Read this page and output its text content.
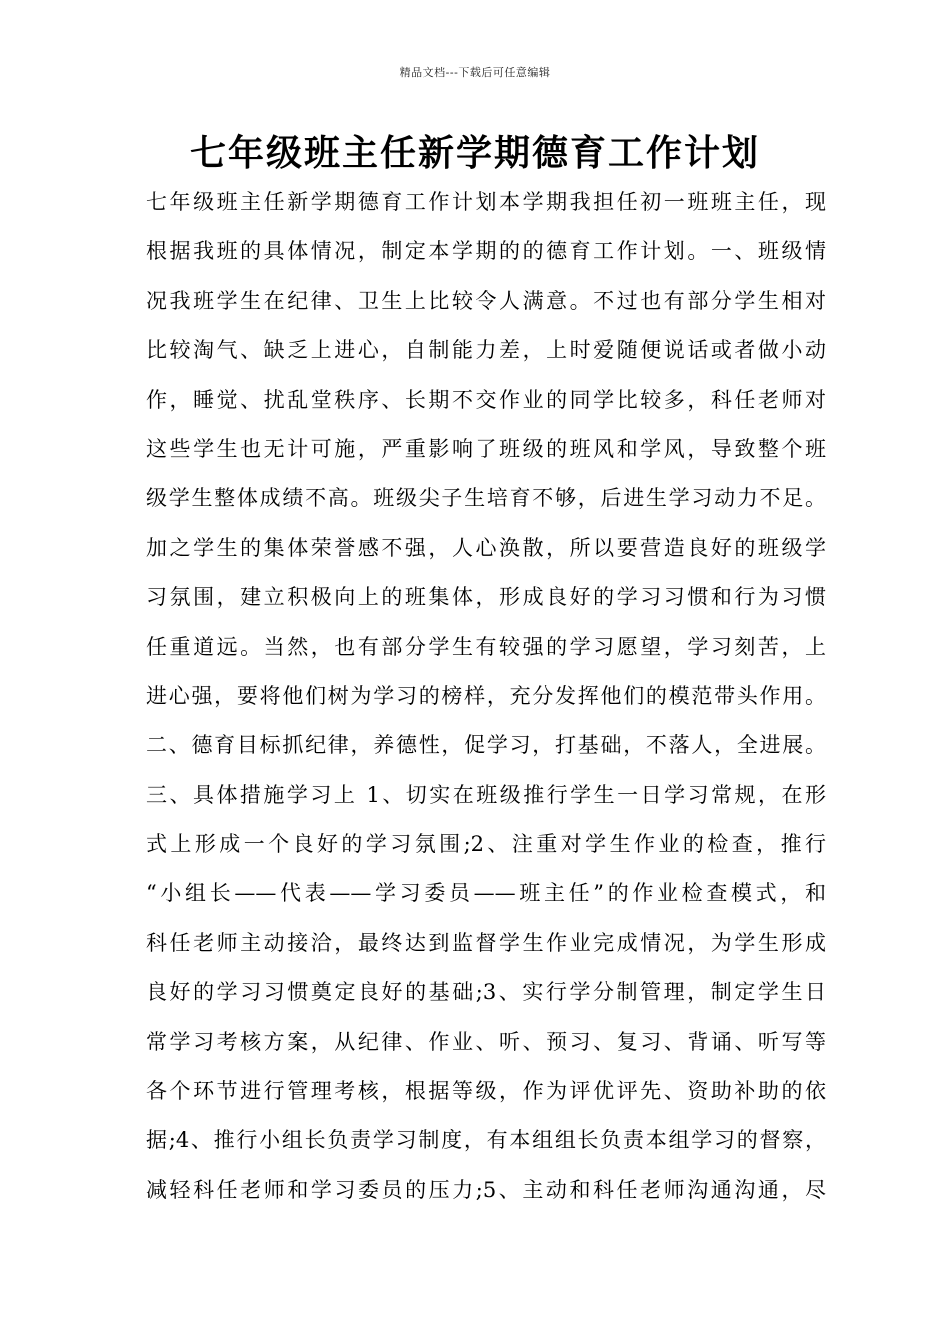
精品文档---下载后可任意编辑
七年级班主任新学期德育工作计划
七年级班主任新学期德育工作计划本学期我担任初一班班主任，现
根据我班的具体情况，制定本学期的的德育工作计划。一、班级情
况我班学生在纪律、卫生上比较令人满意。不过也有部分学生相对
比较淘气、缺乏上进心，自制能力差，上时爱随便说话或者做小动
作，睡觉、扰乱堂秩序、长期不交作业的同学比较多，科任老师对
这些学生也无计可施，严重影响了班级的班风和学风，导致整个班
级学生整体成绩不高。班级尖子生培育不够，后进生学习动力不足。
加之学生的集体荣誉感不强，人心涣散，所以要营造良好的班级学
习氛围，建立积极向上的班集体，形成良好的学习习惯和行为习惯
任重道远。当然，也有部分学生有较强的学习愿望，学习刻苦，上
进心强，要将他们树为学习的榜样，充分发挥他们的模范带头作用。
二、德育目标抓纪律，养德性，促学习，打基础，不落人，全进展。
三、具体措施学习上 1、切实在班级推行学生一日学习常规，在形
式上形成一个良好的学习氛围;2、注重对学生作业的检查，推行
“小组长——代表——学习委员——班主任”的作业检查模式，和
科任老师主动接洽，最终达到监督学生作业完成情况，为学生形成
良好的学习习惯奠定良好的基础;3、实行学分制管理，制定学生日
常学习考核方案，从纪律、作业、听、预习、复习、背诵、听写等
各个环节进行管理考核，根据等级，作为评优评先、资助补助的依
据;4、推行小组长负责学习制度，有本组组长负责本组学习的督察，
减轻科任老师和学习委员的压力;5、主动和科任老师沟通沟通，尽
